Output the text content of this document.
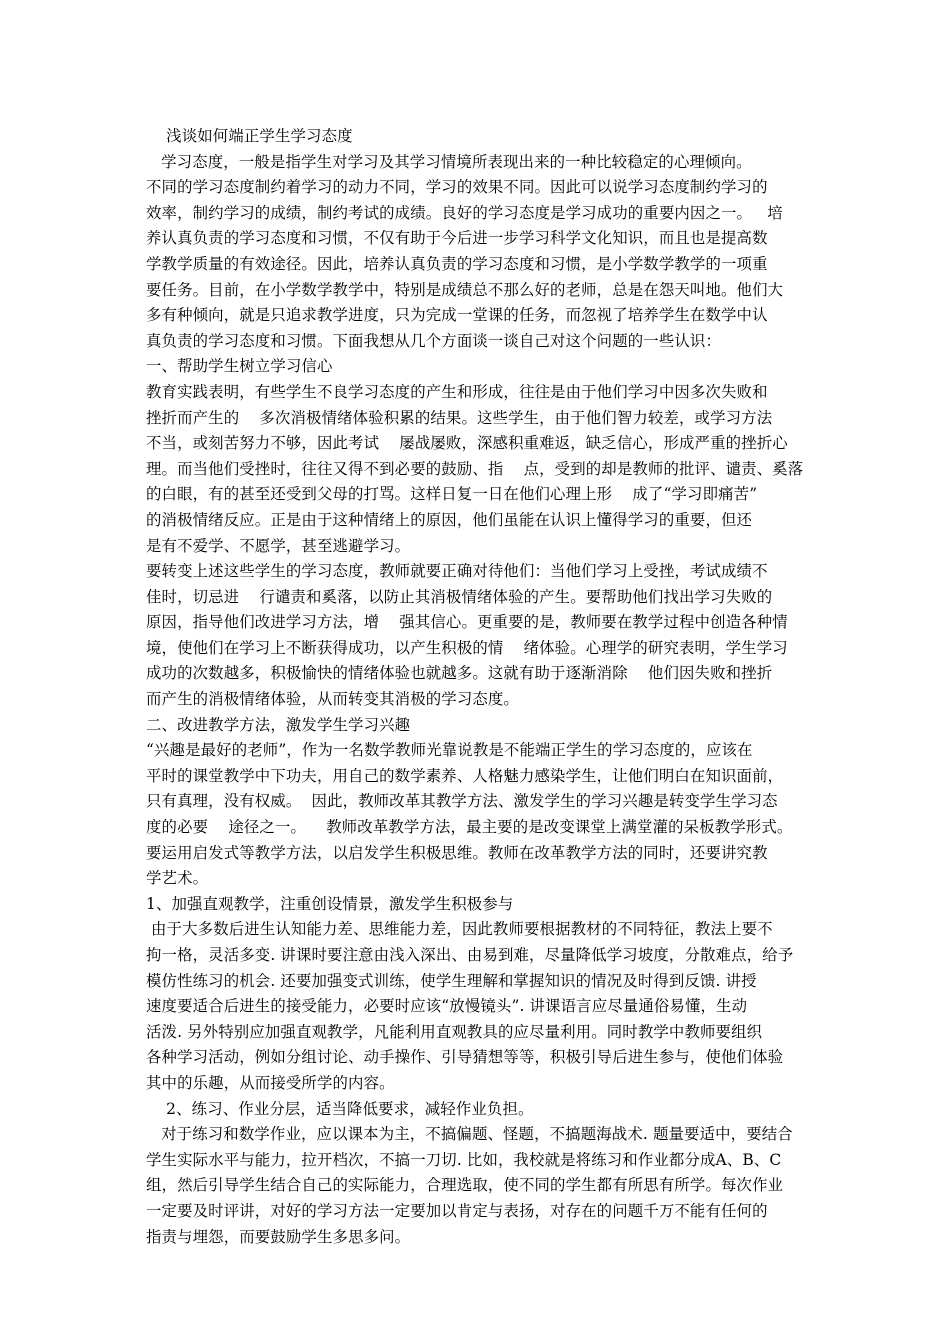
浅谈如何端正学生学习态度
学习态度，一般是指学生对学习及其学习情境所表现出来的一种比较稳定的心理倾向。
不同的学习态度制约着学习的动力不同，学习的效果不同。因此可以说学习态度制约学习的
效率，制约学习的成绩，制约考试的成绩。良好的学习态度是学习成功的重要内因之一。   培
养认真负责的学习态度和习惯，不仅有助于今后进一步学习科学文化知识，而且也是提高数
学教学质量的有效途径。因此，培养认真负责的学习态度和习惯，是小学数学教学的一项重
要任务。目前，在小学数学教学中，特别是成绩总不那么好的老师，总是在怨天叫地。他们大
多有种倾向，就是只追求教学进度，只为完成一堂课的任务，而忽视了培养学生在数学中认
真负责的学习态度和习惯。下面我想从几个方面谈一谈自己对这个问题的一些认识：
一、帮助学生树立学习信心
教育实践表明，有些学生不良学习态度的产生和形成，往往是由于他们学习中因多次失败和
挫折而产生的    多次消极情绪体验积累的结果。这些学生，由于他们智力较差，或学习方法
不当，或刻苦努力不够，因此考试    屡战屡败，深感积重难返，缺乏信心，形成严重的挫折心
理。而当他们受挫时，往往又得不到必要的鼓励、指    点，受到的却是教师的批评、谴责、奚落
的白眼，有的甚至还受到父母的打骂。这样日复一日在他们心理上形    成了“学习即痛苦”
的消极情绪反应。正是由于这种情绪上的原因，他们虽能在认识上懂得学习的重要，但还
是有不爱学、不愿学，甚至逃避学习。
要转变上述这些学生的学习态度，教师就要正确对待他们：当他们学习上受挫，考试成绩不
佳时，切忌进    行谴责和奚落，以防止其消极情绪体验的产生。要帮助他们找出学习失败的
原因，指导他们改进学习方法，增    强其信心。更重要的是，教师要在教学过程中创造各种情
境，使他们在学习上不断获得成功，以产生积极的情    绪体验。心理学的研究表明，学生学习
成功的次数越多，积极愉快的情绪体验也就越多。这就有助于逐渐消除    他们因失败和挫折
而产生的消极情绪体验，从而转变其消极的学习态度。
二、改进教学方法，激发学生学习兴趣
“兴趣是最好的老师”，作为一名数学教师光靠说教是不能端正学生的学习态度的，应该在
平时的课堂教学中下功夫，用自己的数学素养、人格魅力感染学生，让他们明白在知识面前，
只有真理，没有权威。  因此，教师改革其教学方法、激发学生的学习兴趣是转变学生学习态
度的必要    途径之一。    教师改革教学方法，最主要的是改变课堂上满堂灌的呆板教学形式。
要运用启发式等教学方法，以启发学生积极思维。教师在改革教学方法的同时，还要讲究教
学艺术。
1、加强直观教学，注重创设情景，激发学生积极参与
由于大多数后进生认知能力差、思维能力差，因此教师要根据教材的不同特征，教法上要不
拘一格，灵活多变. 讲课时要注意由浅入深出、由易到难，尽量降低学习坡度，分散难点，给予
模仿性练习的机会. 还要加强变式训练，使学生理解和掌握知识的情况及时得到反馈. 讲授
速度要适合后进生的接受能力，必要时应该“放慢镜头”. 讲课语言应尽量通俗易懂，生动
活泼. 另外特别应加强直观教学，凡能利用直观教具的应尽量利用。同时教学中教师要组织
各种学习活动，例如分组讨论、动手操作、引导猜想等等，积极引导后进生参与，使他们体验
其中的乐趣，从而接受所学的内容。
2、练习、作业分层，适当降低要求，减轻作业负担。
对于练习和数学作业，应以课本为主，不搞偏题、怪题，不搞题海战术. 题量要适中，要结合
学生实际水平与能力，拉开档次，不搞一刀切. 比如，我校就是将练习和作业都分成A、B、C
组，然后引导学生结合自己的实际能力，合理选取，使不同的学生都有所思有所学。每次作业
一定要及时评讲，对好的学习方法一定要加以肯定与表扬，对存在的问题千万不能有任何的
指责与埋怨，而要鼓励学生多思多问。
